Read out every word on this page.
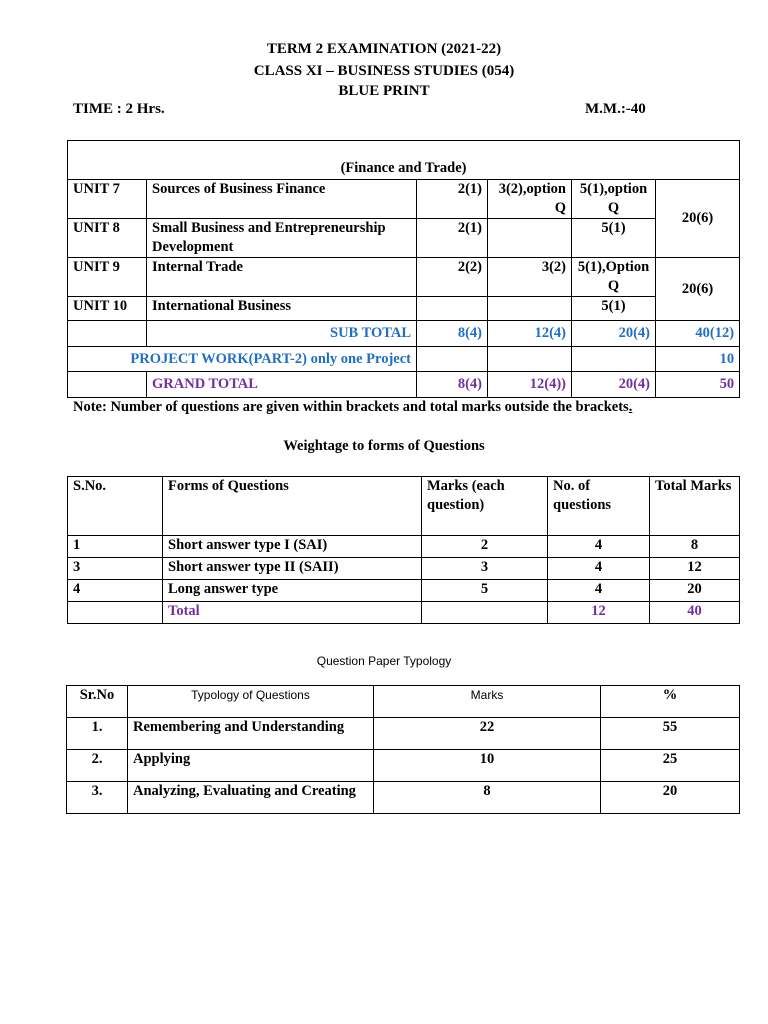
TERM 2 EXAMINATION (2021-22)
CLASS XI – BUSINESS STUDIES (054)
BLUE PRINT
TIME : 2 Hrs.	M.M.:-40
(Finance and Trade)					
UNIT 7	Sources of Business Finance	2(1)	3(2),option Q	5(1),option Q	20(6)
UNIT 8	Small Business and Entrepreneurship Development	2(1)		5(1)	
UNIT 9	Internal Trade	2(2)	3(2)	5(1),Option Q	20(6)
UNIT 10	International Business			5(1)	
	SUB TOTAL	8(4)	12(4)	20(4)	40(12)
PROJECT WORK(PART-2) only one Project					10
	GRAND TOTAL	8(4)	12(4))	20(4)	50
Note: Number of questions are given within brackets and total marks outside the brackets.
Weightage to forms of Questions
S.No.	Forms of Questions	Marks (each question)	No. of questions	Total Marks
1	Short answer type I (SAI)	2	4	8
3	Short answer type II (SAII)	3	4	12
4	Long answer type	5	4	20
	Total		12	40
Question Paper Typology
Sr.No	Typology of Questions	Marks	%
1.	Remembering and Understanding	22	55
2.	Applying	10	25
3.	Analyzing, Evaluating and Creating	8	20
